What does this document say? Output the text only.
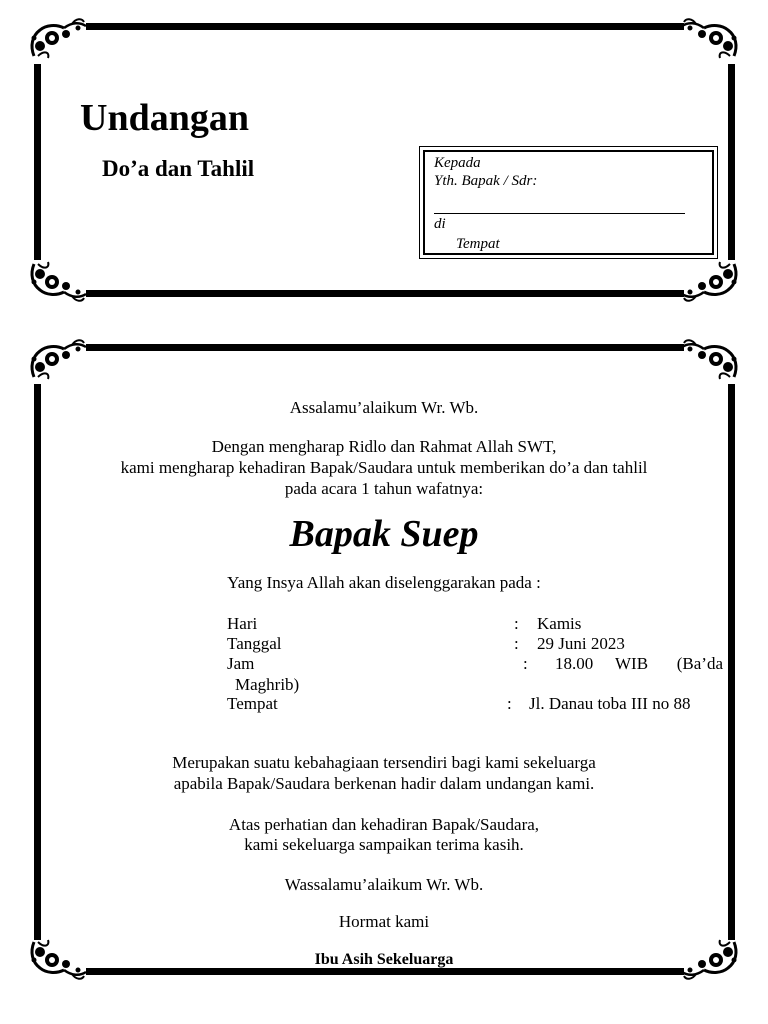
Undangan
Do’a dan Tahlil	Kepada
Yth. Bapak / Sdr:
di
Tempat
Assalamu’alaikum Wr. Wb.
Dengan mengharap Ridlo dan Rahmat Allah SWT,
kami mengharap kehadiran Bapak/Saudara untuk memberikan do’a dan tahlil
pada acara 1 tahun wafatnya:
Bapak Suep
Yang Insya Allah akan diselenggarakan pada :
Hari	: Kamis
Tanggal	: 29 Juni 2023
Jam	: 18.00 WIB (Ba’da
Maghrib)
Tempat	: Jl. Danau toba III no 88
Merupakan suatu kebahagiaan tersendiri bagi kami sekeluarga
apabila Bapak/Saudara berkenan hadir dalam undangan kami.
Atas perhatian dan kehadiran Bapak/Saudara,
kami sekeluarga sampaikan terima kasih.
Wassalamu’alaikum Wr. Wb.
Hormat kami
Ibu Asih Sekeluarga
